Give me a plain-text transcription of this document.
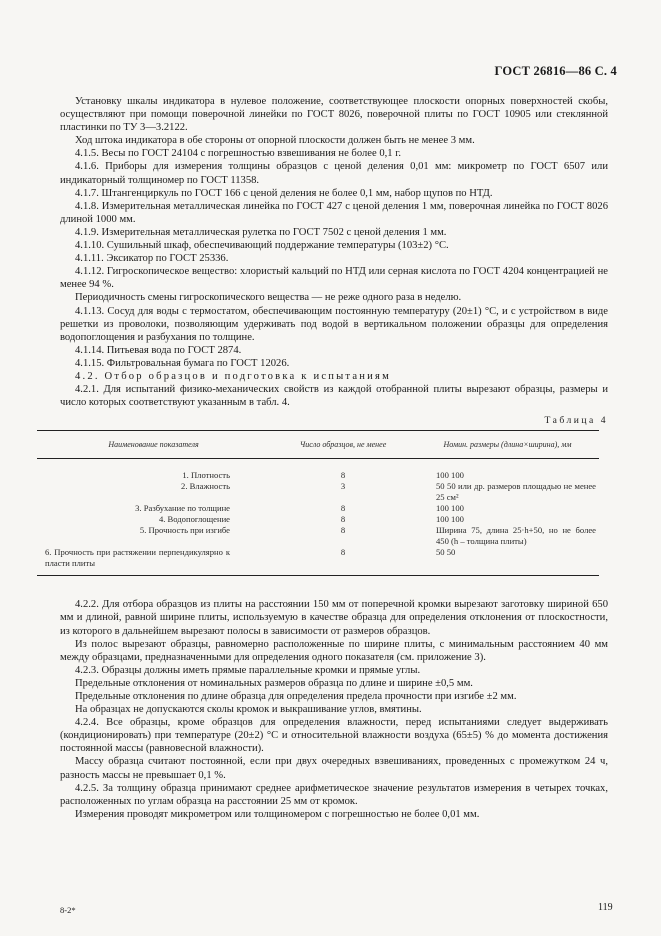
ГОСТ 26816—86 С. 4

Установку шкалы индикатора в нулевое положение, соответствующее плоскости опорных поверхностей скобы, осуществляют при помощи поверочной линейки по ГОСТ 8026, поверочной плиты по ГОСТ 10905 или стеклянной пластинки по ТУ 3—3.2122.

Ход штока индикатора в обе стороны от опорной плоскости должен быть не менее 3 мм.

4.1.5. Весы по ГОСТ 24104 с погрешностью взвешивания не более 0,1 г.

4.1.6. Приборы для измерения толщины образцов с ценой деления 0,01 мм: микрометр по ГОСТ 6507 или индикаторный толщиномер по ГОСТ 11358.

4.1.7. Штангенциркуль по ГОСТ 166 с ценой деления не более 0,1 мм, набор щупов по НТД.

4.1.8. Измерительная металлическая линейка по ГОСТ 427 с ценой деления 1 мм, поверочная линейка по ГОСТ 8026 длиной 1000 мм.

4.1.9. Измерительная металлическая рулетка по ГОСТ 7502 с ценой деления 1 мм.

4.1.10. Сушильный шкаф, обеспечивающий поддержание температуры (103±2) °С.

4.1.11. Эксикатор по ГОСТ 25336.

4.1.12. Гигроскопическое вещество: хлористый кальций по НТД или серная кислота по ГОСТ 4204 концентрацией не менее 94 %.

Периодичность смены гигроскопического вещества — не реже одного раза в неделю.

4.1.13. Сосуд для воды с термостатом, обеспечивающим постоянную температуру (20±1) °С, и с устройством в виде решетки из проволоки, позволяющим удерживать под водой в вертикальном положении образцы для определения водопоглощения и разбухания по толщине.

4.1.14. Питьевая вода по ГОСТ 2874.

4.1.15. Фильтровальная бумага по ГОСТ 12026.

4.2. Отбор образцов и подготовка к испытаниям

4.2.1. Для испытаний физико-механических свойств из каждой отобранной плиты вырезают образцы, размеры и число которых соответствуют указанным в табл. 4.

Таблица 4
Наименование показателя	Число образцов, не менее	Номин. размеры (длина×ширина), мм
1. Плотность	8	100 100
2. Влажность	3	50 50 или др. размеров площадью не менее 25 см²
3. Разбухание по толщине	8	100 100
4. Водопоглощение	8	100 100
5. Прочность при изгибе	8	Ширина 75, длина 25·h+50, но не более 450 (h – толщина плиты)
6. Прочность при растяжении перпендикулярно к пласти плиты	8	50 50

4.2.2. Для отбора образцов из плиты на расстоянии 150 мм от поперечной кромки вырезают заготовку шириной 650 мм и длиной, равной ширине плиты, используемую в качестве образца для определения отклонения от плоскостности, из которого в дальнейшем вырезают полосы в зависимости от размеров образцов.

Из полос вырезают образцы, равномерно расположенные по ширине плиты, с минимальным расстоянием 40 мм между образцами, предназначенными для определения одного показателя (см. приложение 3).

4.2.3. Образцы должны иметь прямые параллельные кромки и прямые углы.

Предельные отклонения от номинальных размеров образца по длине и ширине ±0,5 мм.

Предельные отклонения по длине образца для определения предела прочности при изгибе ±2 мм.

На образцах не допускаются сколы кромок и выкрашивание углов, вмятины.

4.2.4. Все образцы, кроме образцов для определения влажности, перед испытаниями следует выдерживать (кондиционировать) при температуре (20±2) °С и относительной влажности воздуха (65±5) % до момента достижения постоянной массы (равновесной влажности).

Массу образца считают постоянной, если при двух очередных взвешиваниях, проведенных с промежутком 24 ч, разность массы не превышает 0,1 %.

4.2.5. За толщину образца принимают среднее арифметическое значение результатов измерения в четырех точках, расположенных по углам образца на расстоянии 25 мм от кромок.

Измерения проводят микрометром или толщиномером с погрешностью не более 0,01 мм.

8-2*	119
